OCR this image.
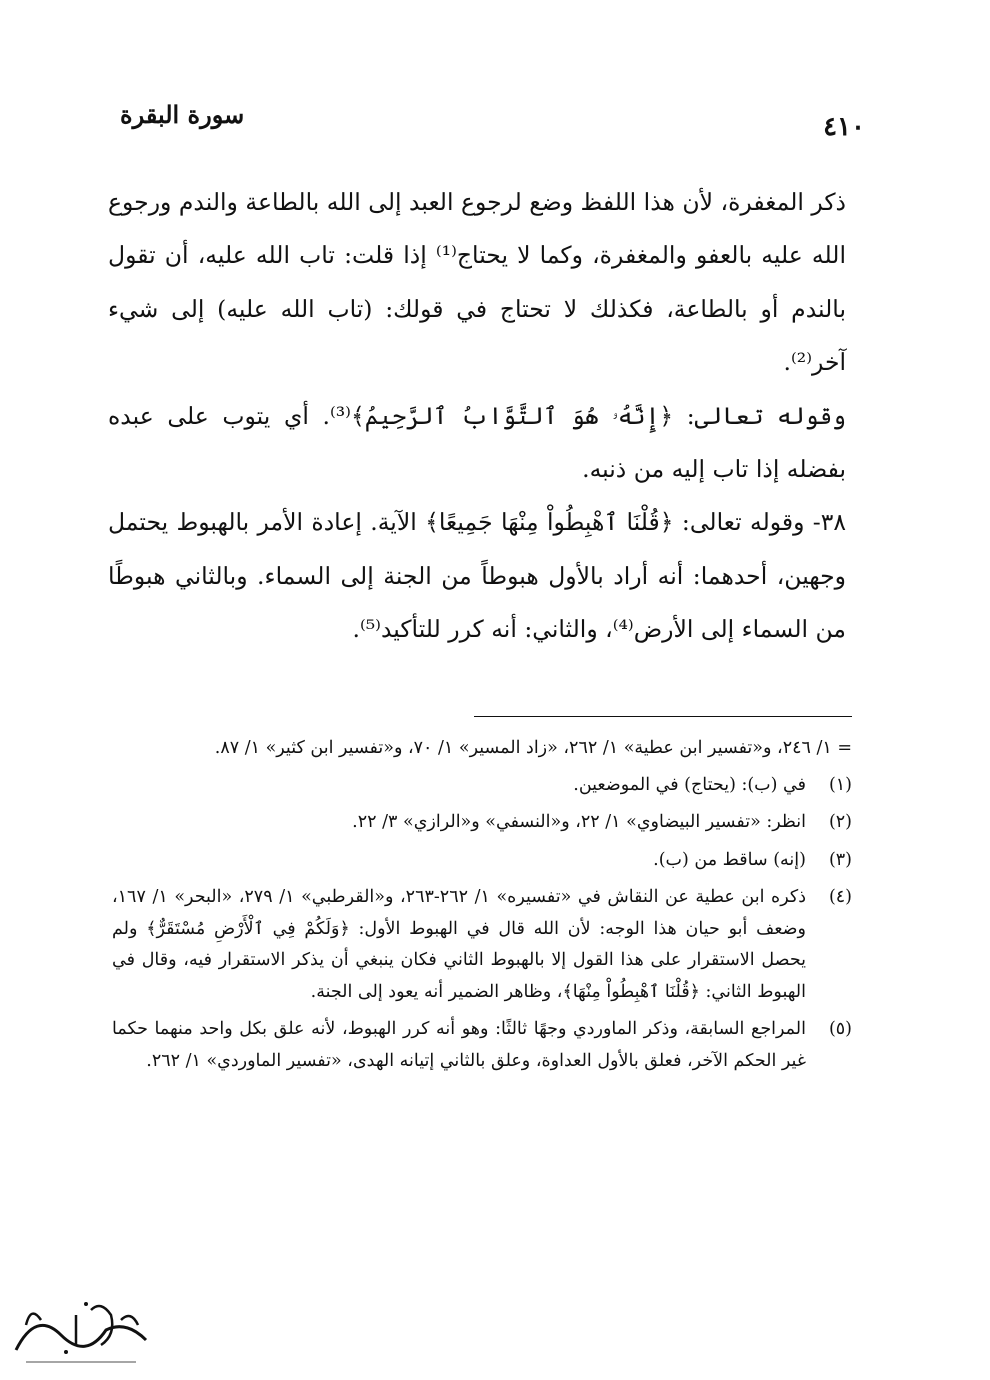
سورة البقرة	٤١٠

ذكر المغفرة، لأن هذا اللفظ وضع لرجوع العبد إلى الله بالطاعة والندم ورجوع الله عليه بالعفو والمغفرة، وكما لا يحتاج⁽¹⁾ إذا قلت: تاب الله عليه، أن تقول بالندم أو بالطاعة، فكذلك لا تحتاج في قولك: (تاب الله عليه) إلى شيء آخر⁽²⁾.

وقوله تعالى: ﴿إِنَّهُۥ هُوَ ٱلتَّوَّابُ ٱلرَّحِيمُ﴾⁽³⁾. أي يتوب على عبده بفضله إذا تاب إليه من ذنبه.

٣٨- وقوله تعالى: ﴿قُلْنَا ٱهْبِطُواْ مِنْهَا جَمِيعًا﴾ الآية. إعادة الأمر بالهبوط يحتمل وجهين، أحدهما: أنه أراد بالأول هبوطاً من الجنة إلى السماء. وبالثاني هبوطًا من السماء إلى الأرض⁽⁴⁾، والثاني: أنه كرر للتأكيد⁽⁵⁾.

= ١/ ٢٤٦، و«تفسير ابن عطية» ١/ ٢٦٢، «زاد المسير» ١/ ٧٠، و«تفسير ابن كثير» ١/ ٨٧.

(١)
في (ب): (يحتاج) في الموضعين.
(٢)
انظر: «تفسير البيضاوي» ١/ ٢٢، و«النسفي» و«الرازي» ٣/ ٢٢.
(٣)
(إنه) ساقط من (ب).
(٤)
ذكره ابن عطية عن النقاش في «تفسيره» ١/ ٢٦٢-٢٦٣، و«القرطبي» ١/ ٢٧٩، «البحر» ١/ ١٦٧، وضعف أبو حيان هذا الوجه: لأن الله قال في الهبوط الأول: ﴿وَلَكُمْ فِي ٱلْأَرْضِ مُسْتَقَرٌّ﴾ ولم يحصل الاستقرار على هذا القول إلا بالهبوط الثاني فكان ينبغي أن يذكر الاستقرار فيه، وقال في الهبوط الثاني: ﴿قُلْنَا ٱهْبِطُواْ مِنْهَا﴾، وظاهر الضمير أنه يعود إلى الجنة.
(٥)
المراجع السابقة، وذكر الماوردي وجهًا ثالثًا: وهو أنه كرر الهبوط، لأنه علق بكل واحد منهما حكما غير الحكم الآخر، فعلق بالأول العداوة، وعلق بالثاني إتيانه الهدى، «تفسير الماوردي» ١/ ٢٦٢.
